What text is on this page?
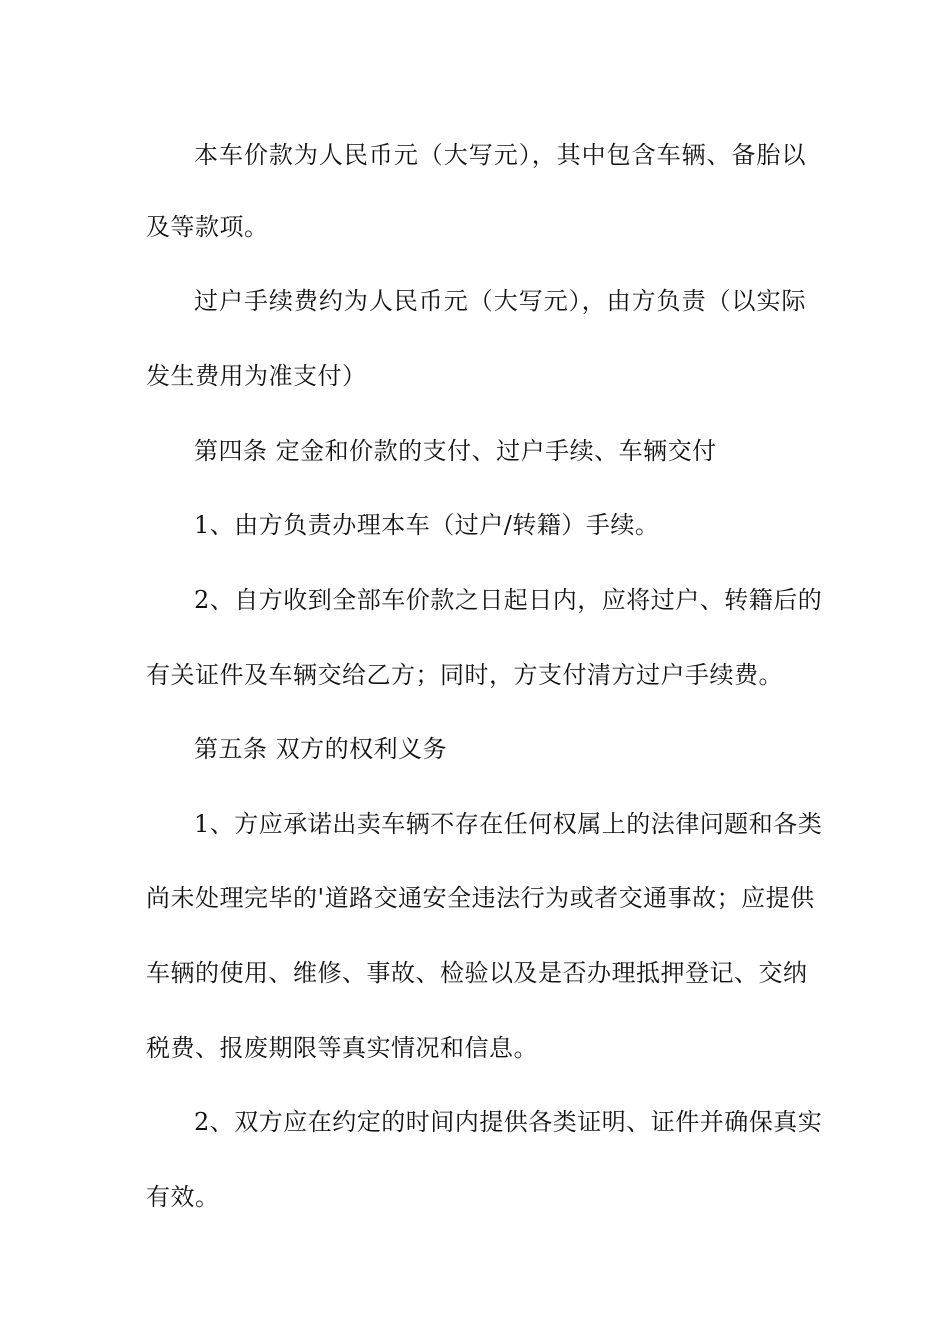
本车价款为人民币元（大写元），其中包含车辆、备胎以
及等款项。
过户手续费约为人民币元（大写元），由方负责（以实际
发生费用为准支付）
第四条 定金和价款的支付、过户手续、车辆交付
1、由方负责办理本车（过户/转籍）手续。
2、自方收到全部车价款之日起日内，应将过户、转籍后的
有关证件及车辆交给乙方；同时，方支付清方过户手续费。
第五条 双方的权利义务
1、方应承诺出卖车辆不存在任何权属上的法律问题和各类
尚未处理完毕的'道路交通安全违法行为或者交通事故；应提供
车辆的使用、维修、事故、检验以及是否办理抵押登记、交纳
税费、报废期限等真实情况和信息。
2、双方应在约定的时间内提供各类证明、证件并确保真实
有效。
